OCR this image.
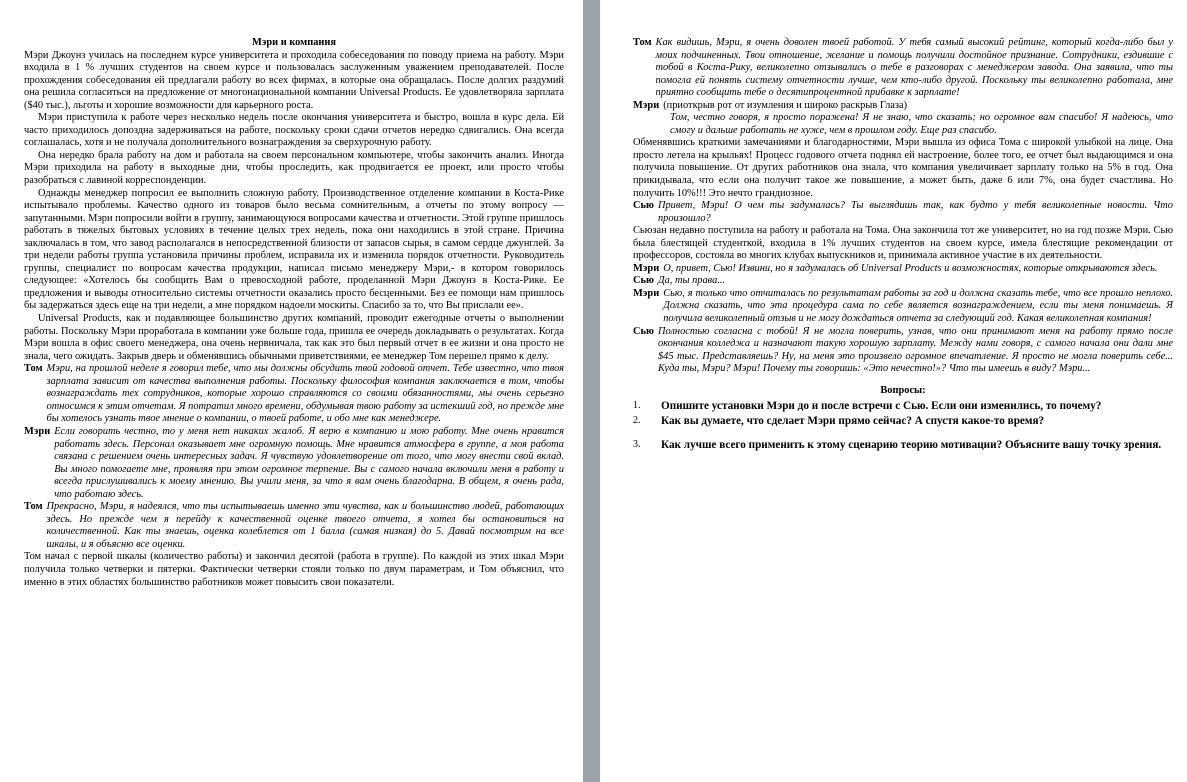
Мэри и компания

Мэри Джоунз училась на последнем курсе университета и проходила собеседования по поводу приема на работу. Мэри входила в 1 % лучших студентов на своем курсе и пользовалась заслуженным уважением преподавателей. После прохождения собеседования ей предлагали работу во всех фирмах, в которые она обращалась. После долгих раздумий она решила согласиться на предложение от многонациональной компании Universal Products. Ее удовлетворяла зарплата ($40 тыс.), льготы и хорошие возможности для карьерного роста.

Мэри приступила к работе через несколько недель после окончания университета и быстро, вошла в курс дела. Ей часто приходилось допоздна задерживаться на работе, поскольку сроки сдачи отчетов нередко сдвигались. Она всегда соглашалась, хотя и не получала дополнительного вознаграждения за сверхурочную работу.

Она нередко брала работу на дом и работала на своем персональном компьютере, чтобы закончить анализ. Иногда Мэри приходила на работу в выходные дни, чтобы проследить, как продвигается ее проект, или просто чтобы разобраться с лавиной корреспонденции.

Однажды менеджер попросил ее выполнить сложную работу. Производственное отделение компании в Коста-Рике испытывало проблемы. Качество одного из товаров было весьма сомнительным, а отчеты по этому вопросу — запутанными. Мэри попросили войти в группу, занимающуюся вопросами качества и отчетности. Этой группе пришлось работать в тяжелых бытовых условиях в течение целых трех недель, пока они находились в этой стране. Причина заключалась в том, что завод располагался в непосредственной близости от запасов сырья, в самом сердце джунглей. За три недели работы группа установила причины проблем, исправила их и изменила порядок отчетности. Руководитель группы, специалист по вопросам качества продукции, написал письмо менеджеру Мэри,- в котором говорилось следующее: «Хотелось бы сообщить Вам о превосходной работе, проделанной Мэри Джоунз в Коста-Рике. Ее предложения и выводы относительно системы отчетности оказались просто бесценными. Без ее помощи нам пришлось бы задержаться здесь еще на три недели, а мне порядком надоели москиты. Спасибо за то, что Вы прислали ее».

Universal Products, как и подавляющее большинство других компаний, проводит ежегодные отчеты о выполнении работы. Поскольку Мэри проработала в компании уже больше года, пришла ее очередь докладывать о результатах. Когда Мэри вошла в офис своего менеджера, она очень нервничала, так как это был первый отчет в ее жизни и она просто не знала, чего ожидать. Закрыв дверь и обменявшись обычными приветствиями, ее менеджер Том перешел прямо к делу.

Том Мэри, на прошлой неделе я говорил тебе, что мы должны обсудить твой годовой отчет. Тебе известно, что твоя зарплата зависит от качества выполнения работы. Поскольку философия компания заключается в том, чтобы вознаграждать тех сотрудников, которые хорошо справляются со своими обязанностями, мы очень серьезно относимся к этим отчетам. Я потратил много времени, обдумывая твою работу за истекший год, но прежде мне бы хотелось узнать твое мнение о компании, о твоей работе, и обо мне как менеджере.
Мэри Если говорить честно, то у меня нет никаких жалоб. Я верю в компанию и мою работу. Мне очень нравится работать здесь. Персонал оказывает мне огромную помощь. Мне нравится атмосфера в группе, а моя работа связана с решением очень интересных задач. Я чувствую удовлетворение от того, что могу внести свой вклад. Вы много помогаете мне, проявляя при этом огромное терпение. Вы с самого начала включили меня в работу и всегда прислушивались к моему мнению. Вы учили меня, за что я вам очень благодарна. В общем, я очень рада, что работаю здесь.
Том Прекрасно, Мэри, я надеялся, что ты испытываешь именно эти чувства, как и большинство людей, работающих здесь. Но прежде чем я перейду к качественной оценке твоего отчета, я хотел бы остановиться на количественной. Как ты знаешь, оценка колеблется от 1 балла (самая низкая) до 5. Давай посмотрим на все шкалы, и я объясню все оценки.

Том начал с первой шкалы (количество работы) и закончил десятой (работа в группе). По каждой из этих шкал Мэри получила только четверки и пятерки. Фактически четверки стояли только по двум параметрам, и Том объяснил, что именно в этих областях большинство работников может повысить свои показатели.

Том Как видишь, Мэри, я очень доволен твоей работой. У тебя самый высокий рейтинг, который когда-либо был у моих подчиненных. Твои отношение, желание и помощь получили достойное признание. Сотрудники, ездившие с тобой в Коста-Рику, великолепно отзывались о тебе в разговорах с менеджером завода. Она заявила, что ты помогла ей понять систему отчетности лучше, чем кто-либо другой. Поскольку ты великолепно работала, мне приятно сообщить тебе о десятипроцентной прибавке к зарплате!
Мэри (приоткрыв рот от изумления и широко раскрыв Глаза)

Том, честно говоря, я просто поражена! Я не знаю, что сказать; но огромное вам спасибо! Я надеюсь, что смогу и дальше работать не хуже, чем в прошлом году. Еще раз спасибо.

Обменявшись краткими замечаниями и благодарностями, Мэри вышла из офиса Тома с широкой улыбкой на лице. Она просто летела на крыльях! Процесс годового отчета поднял ей настроение, более того, ее отчет был выдающимся и она получила повышение. От других работников она знала, что компания увеличивает зарплату только на 5% в год. Она прикидывала, что если она получит такое же повышение, а может быть, даже 6 или 7%, она будет счастлива. Но получить 10%!!! Это нечто грандиозное.

Сью Привет, Мэри! О чем ты задумалась? Ты выглядишь так, как будто у тебя великолепные новости. Что произошло?

Сьюзан недавно поступила на работу и работала на Тома. Она закончила тот же университет, но на год позже Мэри. Сью была блестящей студенткой, входила в 1% лучших студентов на своем курсе, имела блестящие рекомендации от профессоров, состояла во многих клубах выпускников и, принимала активное участие в их деятельности.

Мэри О, привет, Сью! Извини, но я задумалась об Universal Products и возможностях, которые открываются здесь.
Сью Да, ты права...
Мэри Сью, я только что отчиталась по результатам работы за год и должна сказать тебе, что все прошло неплохо. Должна сказать, что эта процедура сама по себе является вознаграждением, если ты меня понимаешь. Я получила великолепный отзыв и не могу дождаться отчета за следующий год. Какая великолепная компания!
Сью Полностью согласна с тобой! Я не могла поверить, узнав, что они принимают меня на работу прямо после окончания колледжа и назначают такую хорошую зарплату. Между нами говоря, с самого начала они дали мне $45 тыс. Представляешь? Ну, на меня это произвело огромное впечатление. Я просто не могла поверить себе... Куда ты, Мэри? Мэри! Почему ты говоришь: «Это нечестно!»? Что ты имеешь в виду? Мэри...

Вопросы:

1.	Опишите установки Мэри до и после встречи с Сью. Если они изменились, то почему?
2.	Как вы думаете, что сделает Мэри прямо сейчас? А спустя какое-то время?
3.	Как лучше всего применить к этому сценарию теорию мотивации? Объясните вашу точку зрения.
